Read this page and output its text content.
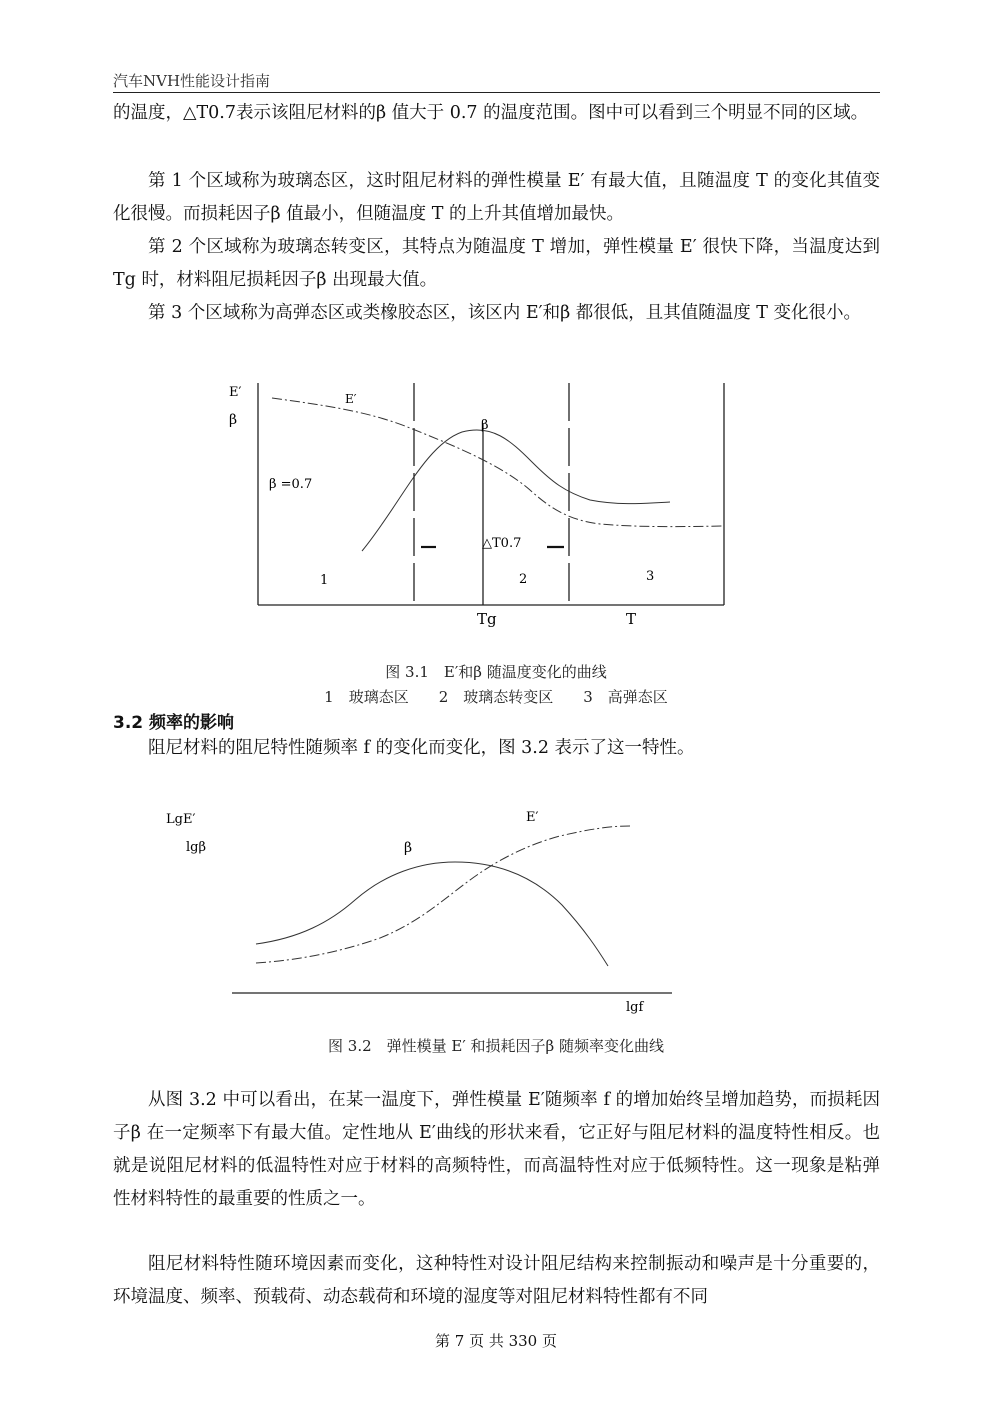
汽车NVH性能设计指南

的温度，△T0.7表示该阻尼材料的β 值大于 0.7 的温度范围。图中可以看到三个明显不同的区域。

第 1 个区域称为玻璃态区，这时阻尼材料的弹性模量 E′ 有最大值，且随温度 T 的变化其值变化很慢。而损耗因子β 值最小，但随温度 T 的上升其值增加最快。

第 2 个区域称为玻璃态转变区，其特点为随温度 T 增加，弹性模量 E′ 很快下降，当温度达到 Tg 时，材料阻尼损耗因子β 出现最大值。

第 3 个区域称为高弹态区或类橡胶态区，该区内 E′和β 都很低，且其值随温度 T 变化很小。

E′
β
E′
β
β =0.7
△T0.7
1	2	3
Tg	T
LgE′
lgβ	β
E′
lgf
图 3.1　E′和β 随温度变化的曲线
1　玻璃态区　　2　玻璃态转变区　　3　高弹态区
3.2 频率的影响

阻尼材料的阻尼特性随频率 f 的变化而变化，图 3.2 表示了这一特性。

图 3.2　弹性模量 E′ 和损耗因子β 随频率变化曲线

从图 3.2 中可以看出，在某一温度下，弹性模量 E′随频率 f 的增加始终呈增加趋势，而损耗因子β 在一定频率下有最大值。定性地从 E′曲线的形状来看，它正好与阻尼材料的温度特性相反。也就是说阻尼材料的低温特性对应于材料的高频特性，而高温特性对应于低频特性。这一现象是粘弹性材料特性的最重要的性质之一。

阻尼材料特性随环境因素而变化，这种特性对设计阻尼结构来控制振动和噪声是十分重要的，环境温度、频率、预载荷、动态载荷和环境的湿度等对阻尼材料特性都有不同

第 7 页 共 330 页
